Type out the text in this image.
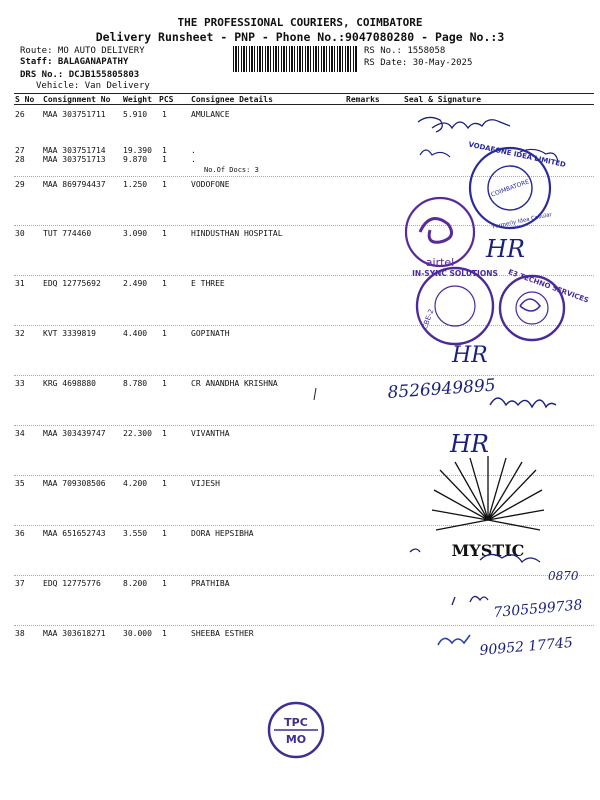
THE PROFESSIONAL COURIERS, COIMBATORE
Delivery Runsheet - PNP - Phone No.:9047080280 - Page No.:3
Route: MO AUTO DELIVERY
Staff: BALAGANAPATHY
DRS No.: DCJB155805803
Vehicle: Van Delivery
RS No.: 1558058
RS Date: 30-May-2025
S No Consignment No Weight PCS Consignee Details	Remarks	Seal & Signature
26 MAA 303751711 5.910 1	AMULANCE
27 MAA 303751714 19.390 1	.
28 MAA 303751713 9.870 1	.
29 MAA 869794437 1.250 1	VODOFONE
30 TUT 774460	3.090 1	HINDUSTHAN HOSPITAL
31 EDQ 12775692	2.490 1	E THREE
32 KVT 3339819	4.400 1	GOPINATH
33 KRG 4698880	8.780 1	CR ANANDHA KRISHNA
34 MAA 303439747 22.300 1	VIVANTHA
35 MAA 709308506 4.200 1	VIJESH
36 MAA 651652743 3.550 1	DORA HEPSIBHA
37 EDQ 12775776	8.200 1	PRATHIBA
38 MAA 303618271 30.000 1	SHEEBA ESTHER
No.Of Docs: 3
VODAFONE IDEA LIMITED
COIMBATORE
Formerly Idea Cellular
airtel HR
IN-SYNC SOLUTIONS
CBE-2
E3 TECHNO SERVICES
HR
8526949895
HR
MYSTIC
0870
7305599738
90952 17745
TPC
MO
